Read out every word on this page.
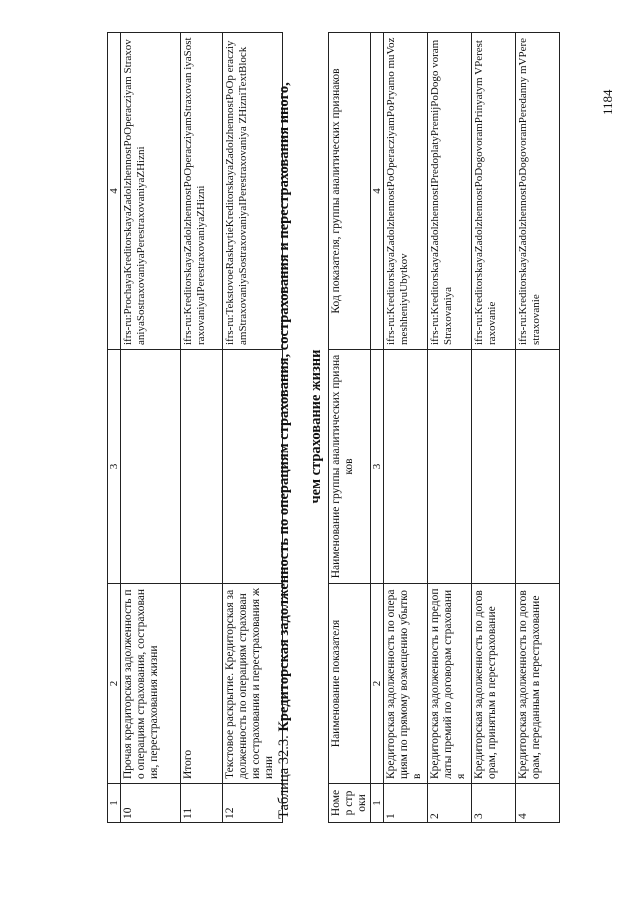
1	2	3	4
10	Прочая кредиторская задолженность по операциям страхования, сострахования, перестрахования жизни		ifrs-ru:ProchayaKreditorskayaZadolzhennostPoOperacziyam StraxovaniyaSostraxovaniyaPerestraxovaniyaZHizni
11	Итого		ifrs-ru:KreditorskayaZadolzhennostPoOperacziyamStraxovan iyaSostraxovaniyaIPerestraxovaniyaZHizni
12	Текстовое раскрытие. Кредиторская задолженность по операциям страхования сострахования и перестрахования жизни		ifrs-ru:TekstovoeRaskrytieKreditorskayaZadolzhennostPoOp eracziyamStraxovaniyaSostraxovaniyaIPerestraxovaniya ZHizniTextBlock
Таблица 32.3. Кредиторская задолженность по операциям страхования, сострахования и перестрахования иного,	чем страхование жизни
Номер строки	Наименование показателя	Наименование группы аналитических признаков	Код показателя, группы аналитических признаков
1	2	3	4
1	Кредиторская задолженность по операциям по прямому возмещению убытков		ifrs-ru:KreditorskayaZadolzhennostPoOperacziyamPoPryamo muVozmeshheniyuUbytkov
2	Кредиторская задолженность и предоплаты премий по договорам страхования		ifrs-ru:KreditorskayaZadolzhennostIPredoplatyPremijPoDogo voramStraxovaniya
3	Кредиторская задолженность по договорам, принятым в перестрахование		ifrs-ru:KreditorskayaZadolzhennostPoDogovoramPrinyatym VPerestraxovanie
4	Кредиторская задолженность по договорам, переданным в перестрахование		ifrs-ru:KreditorskayaZadolzhennostPoDogovoramPeredanny mVPerestraxovanie
1184
